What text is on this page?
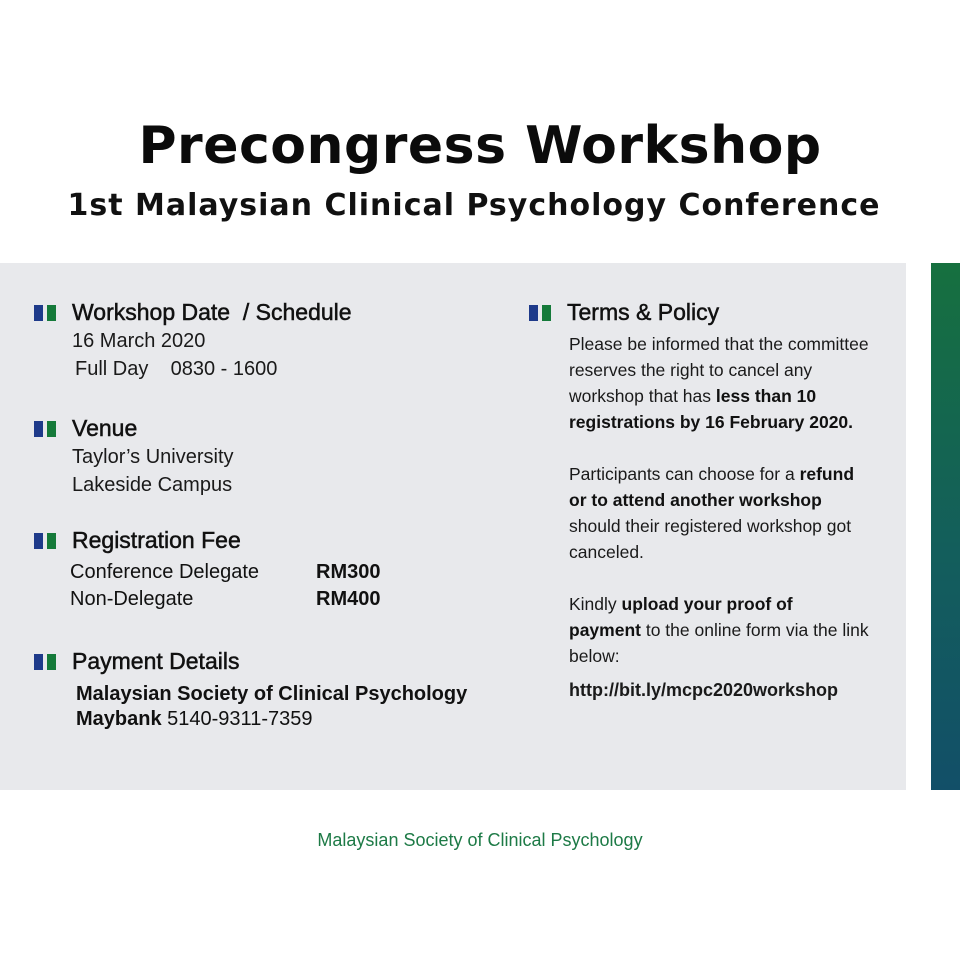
Precongress Workshop
1st Malaysian Clinical Psychology Conference
Workshop Date  / Schedule
16 March 2020
Full Day    0830 - 1600
Venue
Taylor’s University
Lakeside Campus
Registration Fee
Conference Delegate	RM300
Non-Delegate	RM400
Payment Details
Malaysian Society of Clinical Psychology
Maybank 5140-9311-7359
Terms & Policy

Please be informed that the committee reserves the right to cancel any workshop that has less than 10 registrations by 16 February 2020.

Participants can choose for a refund or to attend another workshop should their registered workshop got canceled.

Kindly upload your proof of payment to the online form via the link below:

http://bit.ly/mcpc2020workshop
Malaysian Society of Clinical Psychology
